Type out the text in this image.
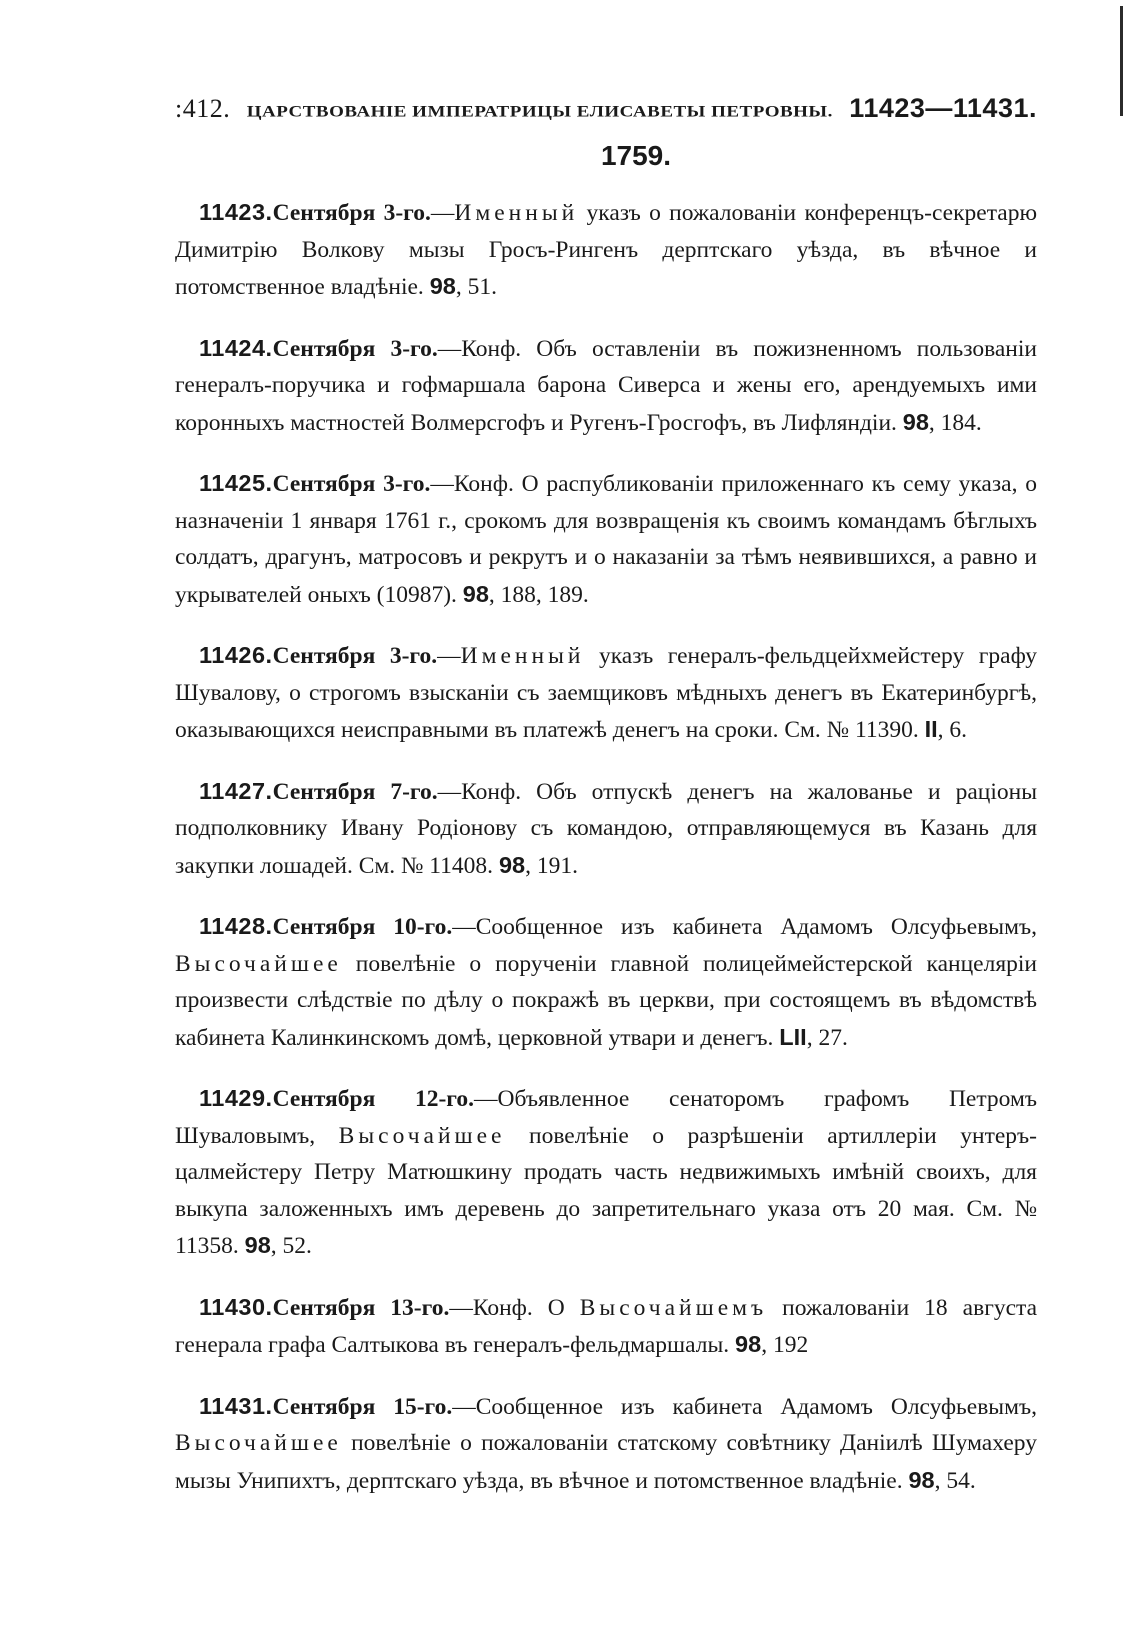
:412. ЦАРСТВОВАНІЕ ИМПЕРАТРИЦЫ ЕЛИСАВЕТЫ ПЕТРОВНЫ. 11423—11431.
1759.

11423.Сентября 3-го.—Именный указъ о пожалованіи конференцъ-секретарю Димитрію Волкову мызы Гросъ-Рингенъ дерптскаго уѣзда, въ вѣчное и потомственное владѣніе. 98, 51.

11424.Сентября 3-го.—Конф. Объ оставленіи въ пожизненномъ пользованіи генералъ-поручика и гофмаршала барона Сиверса и жены его, арендуемыхъ ими коронныхъ мастностей Волмерсгофъ и Ругенъ-Гросгофъ, въ Лифляндіи. 98, 184.

11425.Сентября 3-го.—Конф. О распубликованіи приложеннаго къ сему указа, о назначеніи 1 января 1761 г., срокомъ для возвращенія къ своимъ командамъ бѣглыхъ солдатъ, драгунъ, матросовъ и рекрутъ и о наказаніи за тѣмъ неявившихся, а равно и укрывателей оныхъ (10987). 98, 188, 189.

11426.Сентября 3-го.—Именный указъ генералъ-фельдцейхмейстеру графу Шувалову, о строгомъ взысканіи съ заемщиковъ мѣдныхъ денегъ въ Екатеринбургѣ, оказывающихся неисправными въ платежѣ денегъ на сроки. См. № 11390. II, 6.

11427.Сентября 7-го.—Конф. Объ отпускѣ денегъ на жалованье и раціоны подполковнику Ивану Родіонову съ командою, отправляющемуся въ Казань для закупки лошадей. См. № 11408. 98, 191.

11428.Сентября 10-го.—Сообщенное изъ кабинета Адамомъ Олсуфьевымъ, Высочайшее повелѣніе о порученіи главной полицеймейстерской канцеляріи произвести слѣдствіе по дѣлу о покражѣ въ церкви, при состоящемъ въ вѣдомствѣ кабинета Калинкинскомъ домѣ, церковной утвари и денегъ. LII, 27.

11429.Сентября 12-го.—Объявленное сенаторомъ графомъ Петромъ Шуваловымъ, Высочайшее повелѣніе о разрѣшеніи артиллеріи унтеръ-цалмейстеру Петру Матюшкину продать часть недвижимыхъ имѣній своихъ, для выкупа заложенныхъ имъ деревень до запретительнаго указа отъ 20 мая. См. № 11358. 98, 52.

11430.Сентября 13-го.—Конф. О Высочайшемъ пожалованіи 18 августа генерала графа Салтыкова въ генералъ-фельдмаршалы. 98, 192

11431.Сентября 15-го.—Сообщенное изъ кабинета Адамомъ Олсуфьевымъ, Высочайшее повелѣніе о пожалованіи статскому совѣтнику Даніилѣ Шумахеру мызы Унипихтъ, дерптскаго уѣзда, въ вѣчное и потомственное владѣніе. 98, 54.
